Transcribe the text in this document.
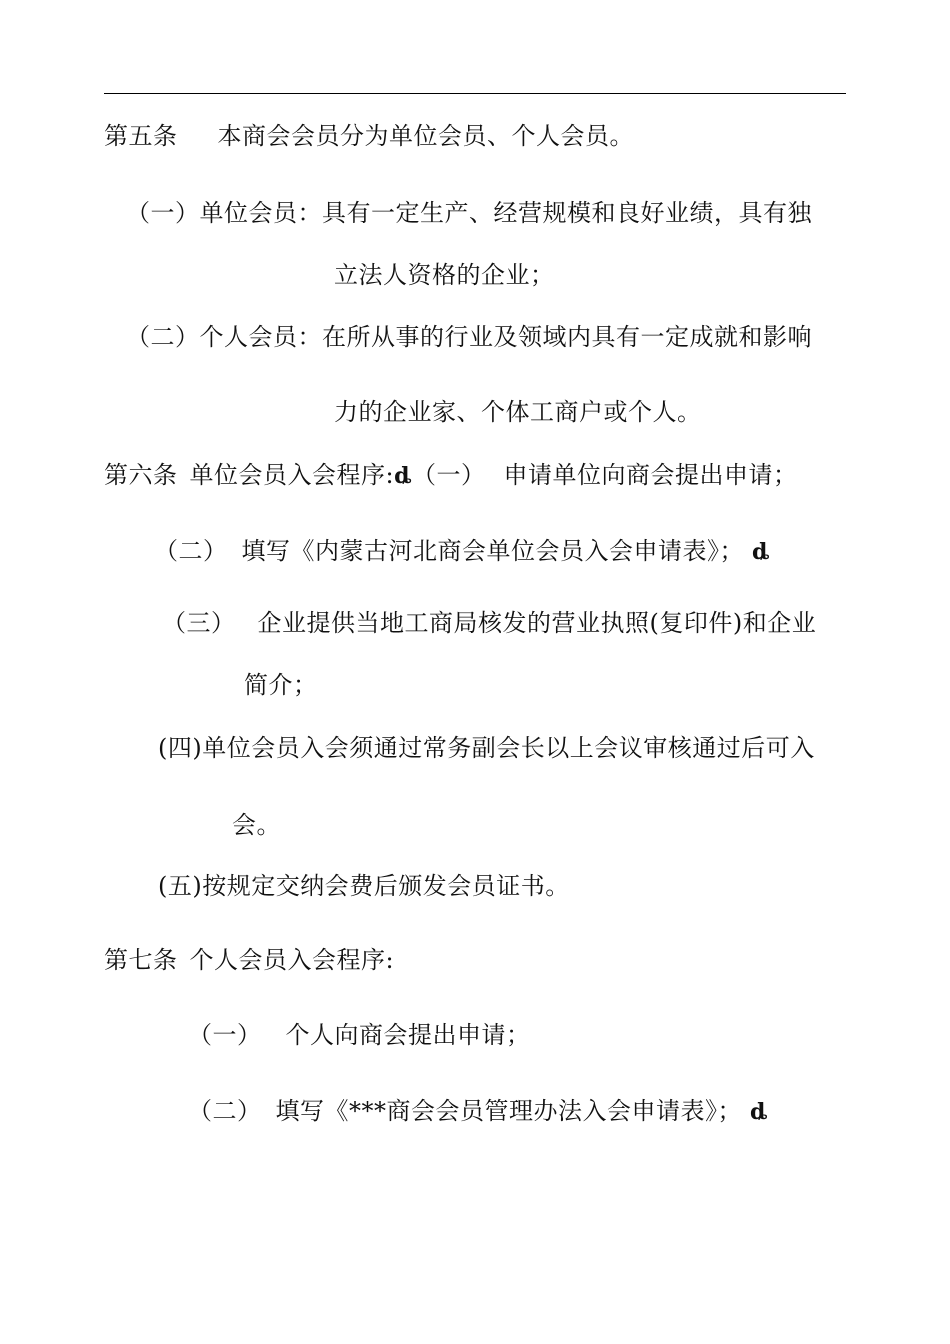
第五条 本商会会员分为单位会员、个人会员。
（一）单位会员：具有一定生产、经营规模和良好业绩，具有独
立法人资格的企业；
（二）个人会员：在所从事的行业及领域内具有一定成就和影响
力的企业家、个体工商户或个人。
第六条 单位会员入会程序:ȡ（一） 申请单位向商会提出申请；
（二） 填写《内蒙古河北商会单位会员入会申请表》； ȡ
（三） 企业提供当地工商局核发的营业执照(复印件)和企业
简介；
(四)单位会员入会须通过常务副会长以上会议审核通过后可入
会。
(五)按规定交纳会费后颁发会员证书。
第七条 个人会员入会程序:
（一） 个人向商会提出申请；
（二） 填写《***商会会员管理办法入会申请表》； ȡ
